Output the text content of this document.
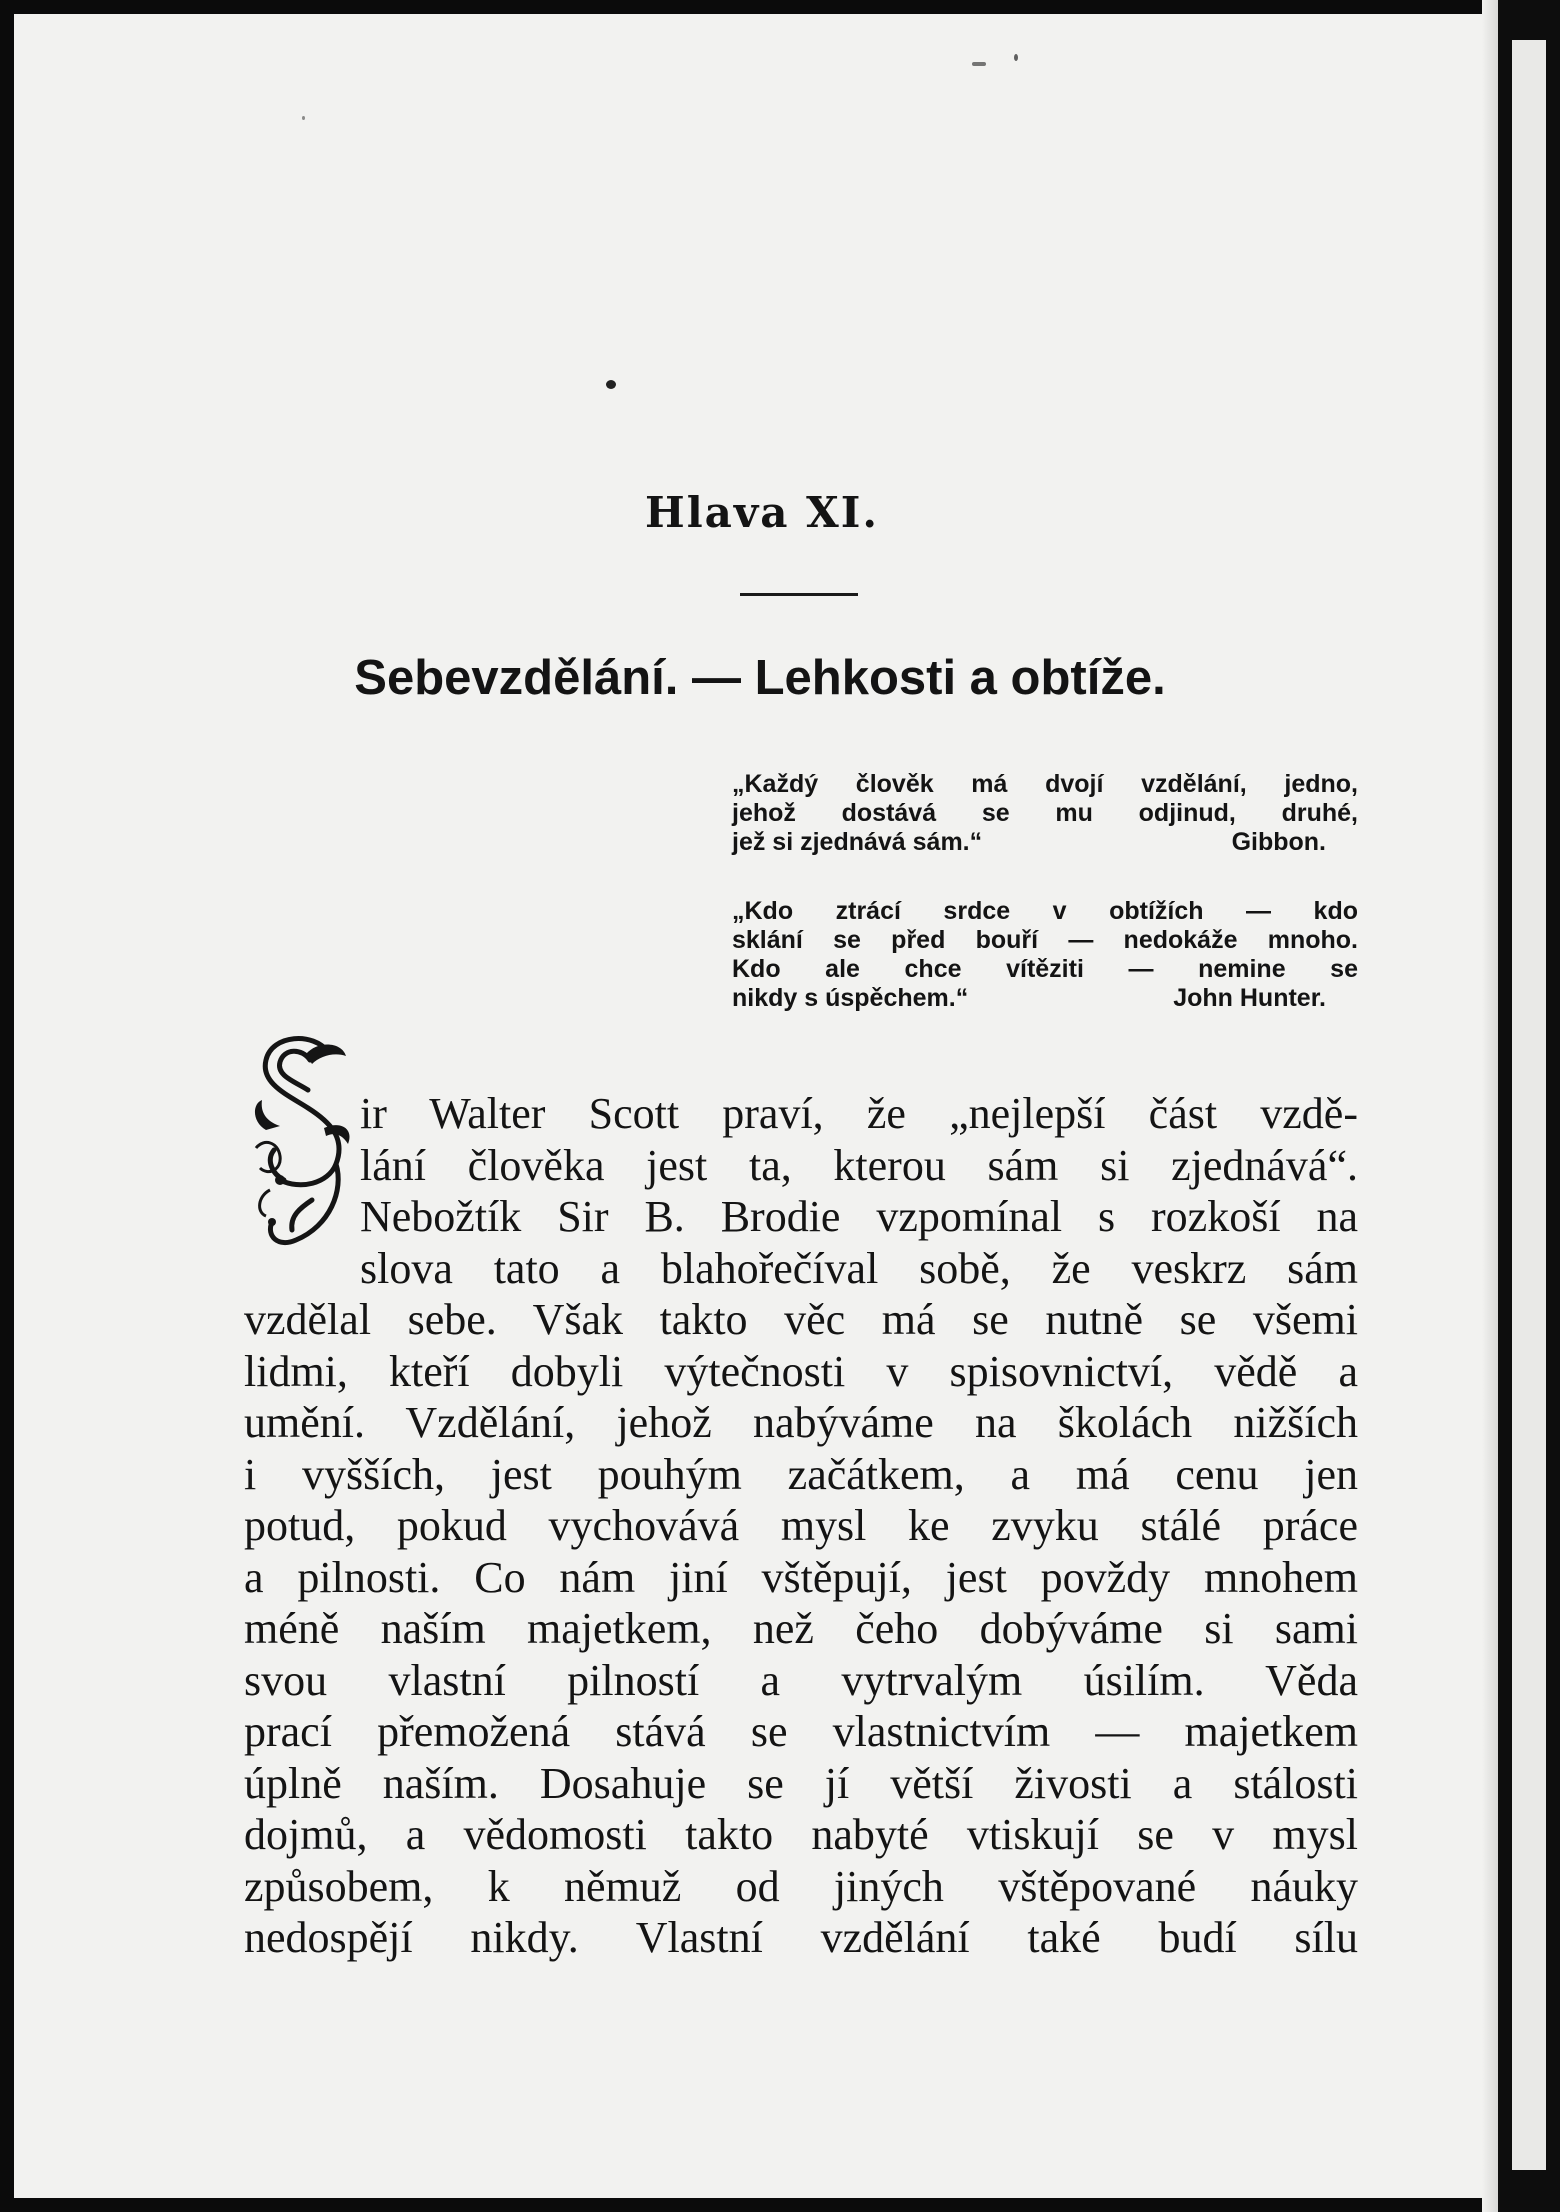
Hlava XI.
Sebevzdělání. — Lehkosti a obtíže.
„Každý člověk má dvojí vzdělání, jedno,
jehož dostává se mu odjinud, druhé,
jež si zjednává sám.“	Gibbon.
„Kdo ztrácí srdce v obtížích — kdo
sklání se před bouří — nedokáže mnoho.
Kdo ale chce vítěziti — nemine se
nikdy s úspěchem.“	John Hunter.
ir Walter Scott praví, že „nejlepší část vzdě-
lání člověka jest ta, kterou sám si zjednává“.
Nebožtík Sir B. Brodie vzpomínal s rozkoší na
slova tato a blahořečíval sobě, že veskrz sám
vzdělal sebe. Však takto věc má se nutně se všemi
lidmi, kteří dobyli výtečnosti v spisovnictví, vědě a
umění. Vzdělání, jehož nabýváme na školách nižších
i vyšších, jest pouhým začátkem, a má cenu jen
potud, pokud vychovává mysl ke zvyku stálé práce
a pilnosti. Co nám jiní vštěpují, jest povždy mnohem
méně naším majetkem, než čeho dobýváme si sami
svou vlastní pilností a vytrvalým úsilím. Věda
prací přemožená stává se vlastnictvím — majetkem
úplně naším. Dosahuje se jí větší živosti a stálosti
dojmů, a vědomosti takto nabyté vtiskují se v mysl
způsobem, k němuž od jiných vštěpované náuky
nedospějí nikdy. Vlastní vzdělání také budí sílu
